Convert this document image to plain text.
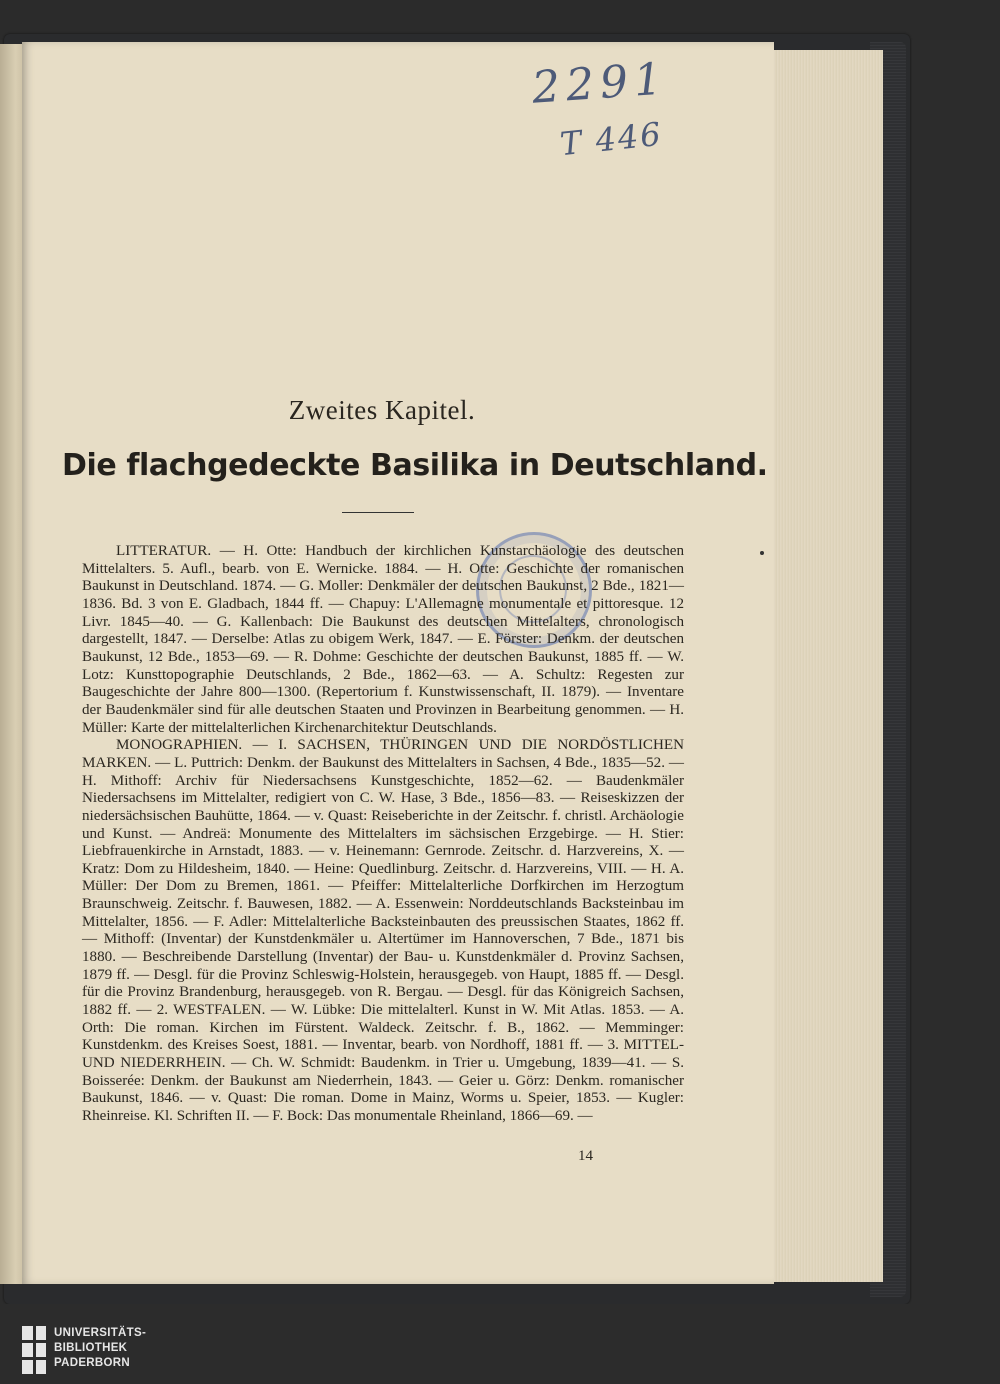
2291
T 446
Zweites Kapitel.
Die flachgedeckte Basilika in Deutschland.

LITTERATUR. — H. Otte: Handbuch der kirchlichen Kunstarchäologie des deutschen Mittelalters. 5. Aufl., bearb. von E. Wernicke. 1884. — H. Otte: Geschichte der romanischen Baukunst in Deutschland. 1874. — G. Moller: Denkmäler der deutschen Baukunst, 2 Bde., 1821—1836. Bd. 3 von E. Gladbach, 1844 ff. — Chapuy: L'Allemagne monumentale et pittoresque. 12 Livr. 1845—40. — G. Kallenbach: Die Baukunst des deutschen Mittelalters, chronologisch dargestellt, 1847. — Derselbe: Atlas zu obigem Werk, 1847. — E. Förster: Denkm. der deutschen Baukunst, 12 Bde., 1853—69. — R. Dohme: Geschichte der deutschen Baukunst, 1885 ff. — W. Lotz: Kunsttopographie Deutschlands, 2 Bde., 1862—63. — A. Schultz: Regesten zur Baugeschichte der Jahre 800—1300. (Repertorium f. Kunstwissenschaft, II. 1879). — Inventare der Baudenkmäler sind für alle deutschen Staaten und Provinzen in Bearbeitung genommen. — H. Müller: Karte der mittelalterlichen Kirchenarchitektur Deutschlands.

MONOGRAPHIEN. — I. SACHSEN, THÜRINGEN UND DIE NORDÖSTLICHEN MARKEN. — L. Puttrich: Denkm. der Baukunst des Mittelalters in Sachsen, 4 Bde., 1835—52. — H. Mithoff: Archiv für Niedersachsens Kunstgeschichte, 1852—62. — Baudenkmäler Niedersachsens im Mittelalter, redigiert von C. W. Hase, 3 Bde., 1856—83. — Reiseskizzen der niedersächsischen Bauhütte, 1864. — v. Quast: Reiseberichte in der Zeitschr. f. christl. Archäologie und Kunst. — Andreä: Monumente des Mittelalters im sächsischen Erzgebirge. — H. Stier: Liebfrauenkirche in Arnstadt, 1883. — v. Heinemann: Gernrode. Zeitschr. d. Harzvereins, X. — Kratz: Dom zu Hildesheim, 1840. — Heine: Quedlinburg. Zeitschr. d. Harzvereins, VIII. — H. A. Müller: Der Dom zu Bremen, 1861. — Pfeiffer: Mittelalterliche Dorfkirchen im Herzogtum Braunschweig. Zeitschr. f. Bauwesen, 1882. — A. Essenwein: Norddeutschlands Backsteinbau im Mittelalter, 1856. — F. Adler: Mittelalterliche Backsteinbauten des preussischen Staates, 1862 ff. — Mithoff: (Inventar) der Kunstdenkmäler u. Altertümer im Hannoverschen, 7 Bde., 1871 bis 1880. — Beschreibende Darstellung (Inventar) der Bau- u. Kunstdenkmäler d. Provinz Sachsen, 1879 ff. — Desgl. für die Provinz Schleswig-Holstein, herausgegeb. von Haupt, 1885 ff. — Desgl. für die Provinz Brandenburg, herausgegeb. von R. Bergau. — Desgl. für das Königreich Sachsen, 1882 ff. — 2. WESTFALEN. — W. Lübke: Die mittelalterl. Kunst in W. Mit Atlas. 1853. — A. Orth: Die roman. Kirchen im Fürstent. Waldeck. Zeitschr. f. B., 1862. — Memminger: Kunstdenkm. des Kreises Soest, 1881. — Inventar, bearb. von Nordhoff, 1881 ff. — 3. MITTEL- UND NIEDERRHEIN. — Ch. W. Schmidt: Baudenkm. in Trier u. Umgebung, 1839—41. — S. Boisserée: Denkm. der Baukunst am Niederrhein, 1843. — Geier u. Görz: Denkm. romanischer Baukunst, 1846. — v. Quast: Die roman. Dome in Mainz, Worms u. Speier, 1853. — Kugler: Rheinreise. Kl. Schriften II. — F. Bock: Das monumentale Rheinland, 1866—69. —

14
UNIVERSITÄTS-
BIBLIOTHEK
PADERBORN
